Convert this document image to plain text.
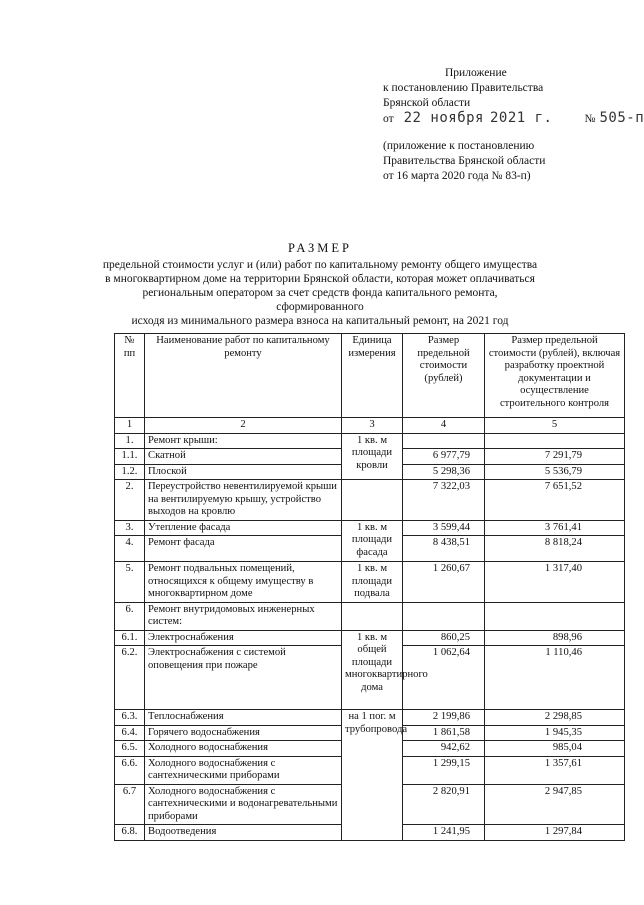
Приложение
к постановлению Правительства
Брянской области
от 22 ноября 2021 г.	№ 505-п
(приложение к постановлению
Правительства Брянской области
от 16 марта 2020 года № 83-п)
РАЗМЕР
предельной стоимости услуг и (или) работ по капитальному ремонту общего имущества
в многоквартирном доме на территории Брянской области, которая может оплачиваться
региональным оператором за счет средств фонда капитального ремонта, сформированного
исходя из минимального размера взноса на капитальный ремонт, на 2021 год
№ пп	Наименование работ по капитальному ремонту	Единица измерения	Размер предельной стоимости (рублей)	Размер предельной стоимости (рублей), включая разработку проектной документации и осуществление строительного контроля
1	2	3	4	5
1.	Ремонт крыши:	1 кв. м площади кровли		
1.1.	Скатной		6 977,79	7 291,79
1.2.	Плоской		5 298,36	5 536,79
2.	Переустройство невентилируемой крыши на вентилируемую крышу, устройство выходов на кровлю		7 322,03	7 651,52
3.	Утепление фасада	1 кв. м площади фасада	3 599,44	3 761,41
4.	Ремонт фасада		8 438,51	8 818,24
5.	Ремонт подвальных помещений, относящихся к общему имуществу в многоквартирном доме	1 кв. м площади подвала	1 260,67	1 317,40
6.	Ремонт внутридомовых инженерных систем:			
6.1.	Электроснабжения	1 кв. м общей площади многоквартирного дома	860,25	898,96
6.2.	Электроснабжения с системой оповещения при пожаре		1 062,64	1 110,46
6.3.	Теплоснабжения	на 1 пог. м трубопровода	2 199,86	2 298,85
6.4.	Горячего водоснабжения		1 861,58	1 945,35
6.5.	Холодного водоснабжения		942,62	985,04
6.6.	Холодного водоснабжения с сантехническими приборами		1 299,15	1 357,61
6.7	Холодного водоснабжения с сантехническими и водонагревательными приборами		2 820,91	2 947,85
6.8.	Водоотведения		1 241,95	1 297,84
